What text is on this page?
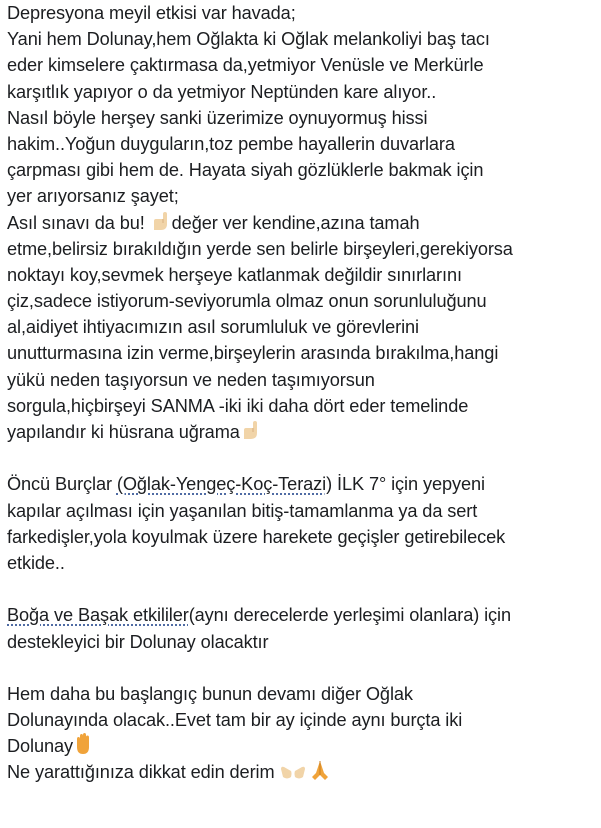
Depresyona meyil etkisi var havada;
Yani hem Dolunay,hem Oğlakta ki Oğlak melankoliyi baş tacı
eder kimselere çaktırmasa da,yetmiyor Venüsle ve Merkürle
karşıtlık yapıyor o da yetmiyor Neptünden kare alıyor..
Nasıl böyle herşey sanki üzerimize oynuyormuş hissi
hakim..Yoğun duyguların,toz pembe hayallerin duvarlara
çarpması gibi hem de. Hayata siyah gözlüklerle bakmak için
yer arıyorsanız şayet;
Asıl sınavı da bu! değer ver kendine,azına tamah
etme,belirsiz bırakıldığın yerde sen belirle birşeyleri,gerekiyorsa
noktayı koy,sevmek herşeye katlanmak değildir sınırlarını
çiz,sadece istiyorum-seviyorumla olmaz onun sorunluluğunu
al,aidiyet ihtiyacımızın asıl sorumluluk ve görevlerini
unutturmasına izin verme,birşeylerin arasında bırakılma,hangi
yükü neden taşıyorsun ve neden taşımıyorsun
sorgula,hiçbirşeyi SANMA -iki iki daha dört eder temelinde
yapılandır ki hüsrana uğrama
Öncü Burçlar (Oğlak-Yengeç-Koç-Terazi) İLK 7° için yepyeni
kapılar açılması için yaşanılan bitiş-tamamlanma ya da sert
farkedişler,yola koyulmak üzere harekete geçişler getirebilecek
etkide..
Boğa ve Başak etkililer(aynı derecelerde yerleşimi olanlara) için
destekleyici bir Dolunay olacaktır
Hem daha bu başlangıç bunun devamı diğer Oğlak
Dolunayında olacak..Evet tam bir ay içinde aynı burçta iki
Dolunay
Ne yarattığınıza dikkat edin derim
